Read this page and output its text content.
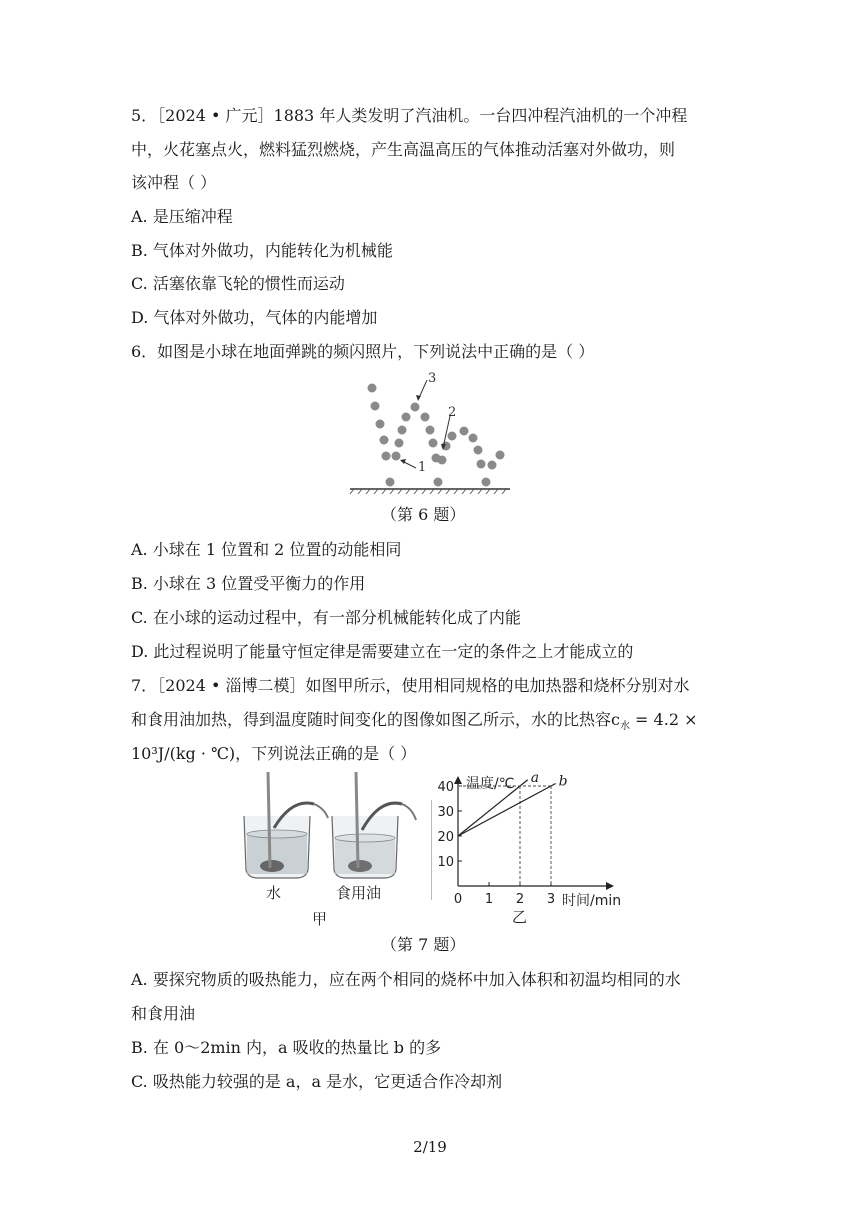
5．［2024 • 广元］1883 年人类发明了汽油机。一台四冲程汽油机的一个冲程
中，火花塞点火，燃料猛烈燃烧，产生高温高压的气体推动活塞对外做功，则
该冲程（ ）
A. 是压缩冲程
B. 气体对外做功，内能转化为机械能
C. 活塞依靠飞轮的惯性而运动
D. 气体对外做功，气体的内能增加
6．如图是小球在地面弹跳的频闪照片，下列说法中正确的是（ ）
3
2
1
（第 6 题）
A. 小球在 1 位置和 2 位置的动能相同
B. 小球在 3 位置受平衡力的作用
C. 在小球的运动过程中，有一部分机械能转化成了内能
D. 此过程说明了能量守恒定律是需要建立在一定的条件之上才能成立的
7．［2024 • 淄博二模］如图甲所示，使用相同规格的电加热器和烧杯分别对水
和食用油加热，得到温度随时间变化的图像如图乙所示，水的比热容$c_水 = 4.2$ ×
10³J/(kg · ℃)，下列说法正确的是（ ）
水	食用油
甲
10
20
30
40
0 1 2 3
a b
温度/℃
时间/min
乙
（第 7 题）
A. 要探究物质的吸热能力，应在两个相同的烧杯中加入体积和初温均相同的水
和食用油
B. 在 0～2min 内，a 吸收的热量比 b 的多
C. 吸热能力较强的是 a，a 是水，它更适合作冷却剂
2/19
